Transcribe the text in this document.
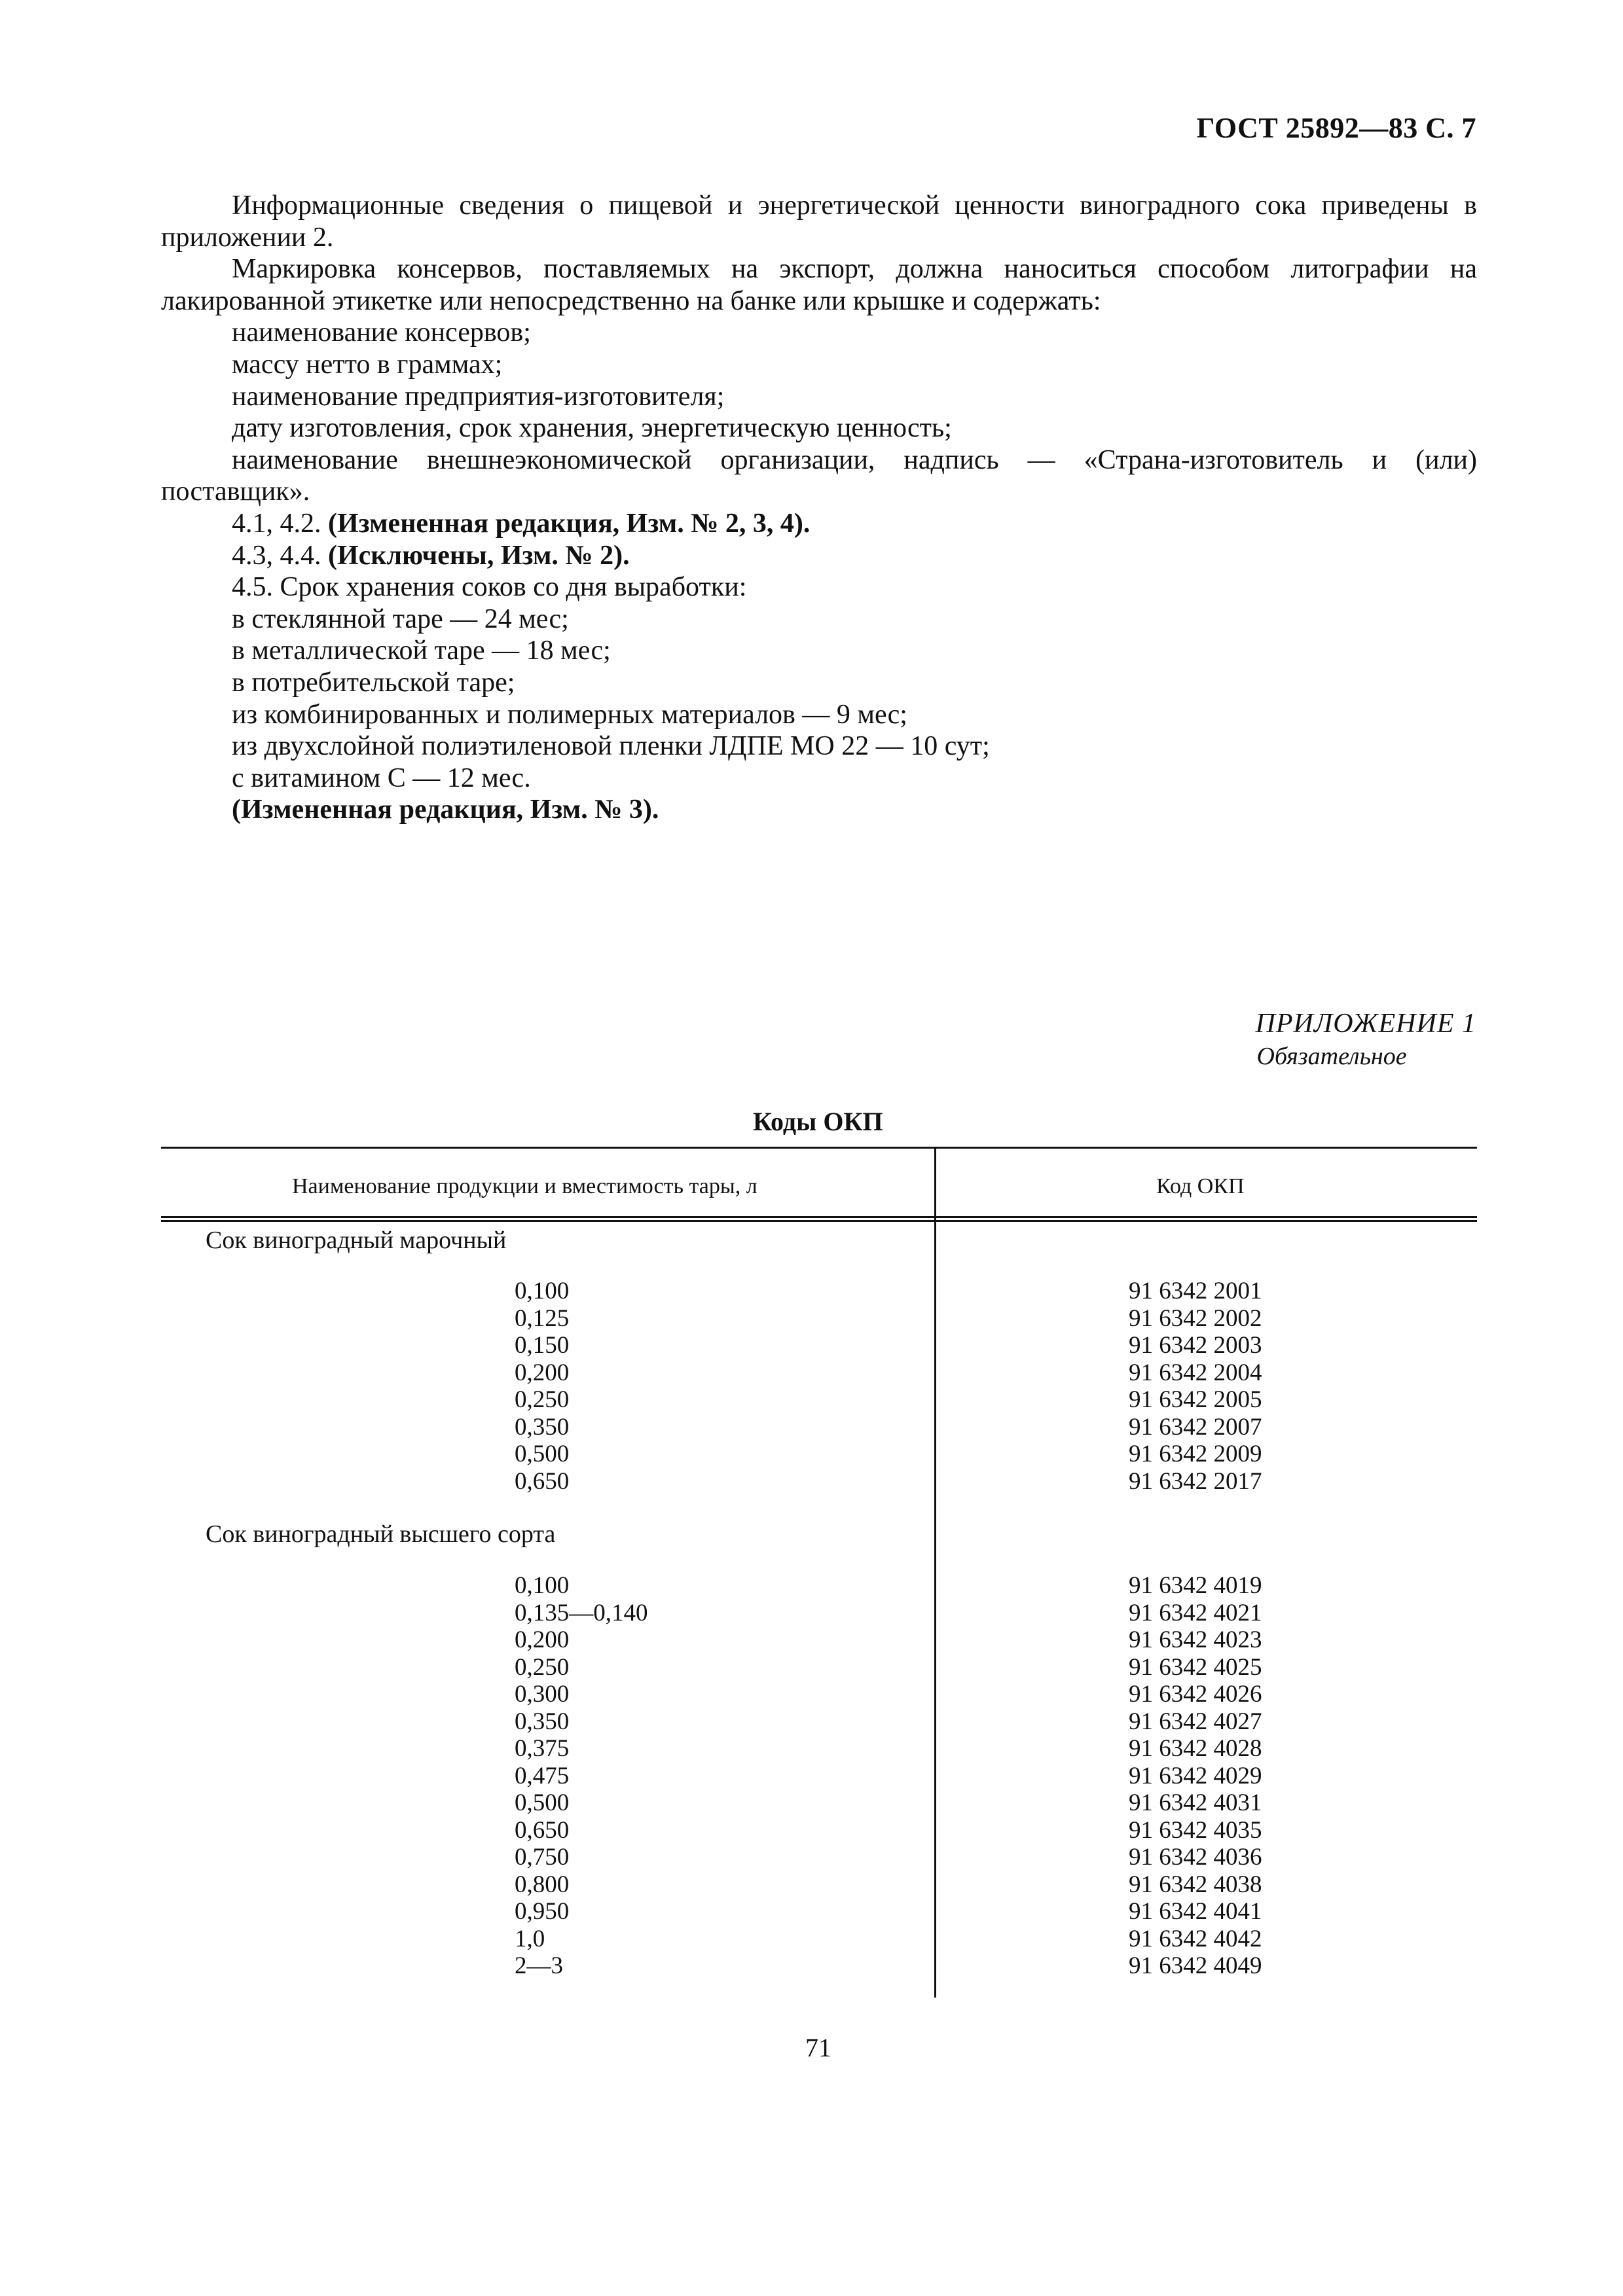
ГОСТ 25892—83 С. 7

Информационные сведения о пищевой и энергетической ценности виноградного сока приведены в приложении 2.

Маркировка консервов, поставляемых на экспорт, должна наноситься способом литографии на лакированной этикетке или непосредственно на банке или крышке и содержать:

наименование консервов;

массу нетто в граммах;

наименование предприятия-изготовителя;

дату изготовления, срок хранения, энергетическую ценность;

наименование внешнеэкономической организации, надпись — «Страна-изготовитель и (или) поставщик».

4.1, 4.2. (Измененная редакция, Изм. № 2, 3, 4).

4.3, 4.4. (Исключены, Изм. № 2).

4.5. Срок хранения соков со дня выработки:

в стеклянной таре — 24 мес;

в металлической таре — 18 мес;

в потребительской таре;

из комбинированных и полимерных материалов — 9 мес;

из двухслойной полиэтиленовой пленки ЛДПЕ МО 22 — 10 сут;

с витамином С — 12 мес.

(Измененная редакция, Изм. № 3).

ПРИЛОЖЕНИЕ 1
Обязательное
Коды ОКП
Наименование продукции и вместимость тары, л	Код ОКП
Сок виноградный марочный
0,100
0,125
0,150
0,200
0,250
0,350
0,500
0,650
91 6342 2001
91 6342 2002
91 6342 2003
91 6342 2004
91 6342 2005
91 6342 2007
91 6342 2009
91 6342 2017
Сок виноградный высшего сорта
0,100
0,135—0,140
0,200
0,250
0,300
0,350
0,375
0,475
0,500
0,650
0,750
0,800
0,950
1,0
2—3
91 6342 4019
91 6342 4021
91 6342 4023
91 6342 4025
91 6342 4026
91 6342 4027
91 6342 4028
91 6342 4029
91 6342 4031
91 6342 4035
91 6342 4036
91 6342 4038
91 6342 4041
91 6342 4042
91 6342 4049
71
